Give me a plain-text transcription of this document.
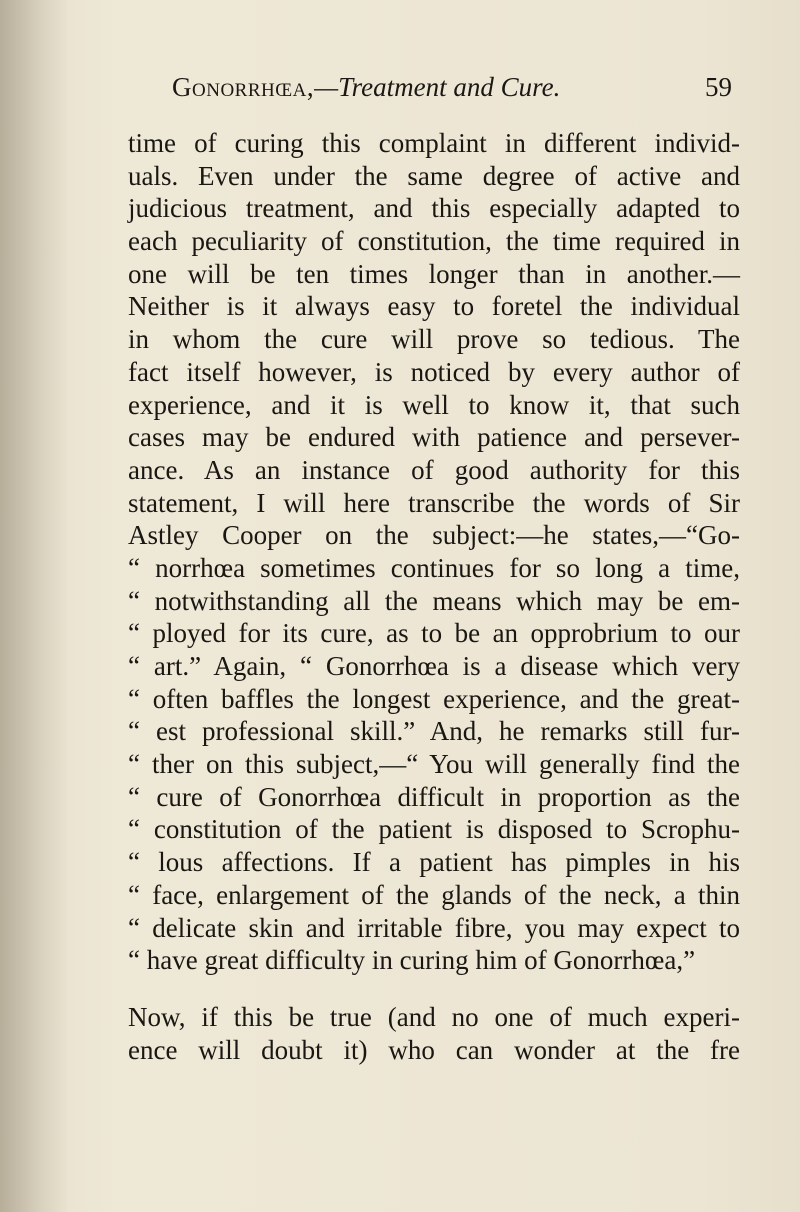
Gonorrhœa,—Treatment and Cure.	59
time of curing this complaint in different individ-
uals. Even under the same degree of active and
judicious treatment, and this especially adapted to
each peculiarity of constitution, the time required in
one will be ten times longer than in another.—
Neither is it always easy to foretel the individual
in whom the cure will prove so tedious. The
fact itself however, is noticed by every author of
experience, and it is well to know it, that such
cases may be endured with patience and persever-
ance. As an instance of good authority for this
statement, I will here transcribe the words of Sir
Astley Cooper on the subject:—he states,—“Go-
“ norrhœa sometimes continues for so long a time,
“ notwithstanding all the means which may be em-
“ ployed for its cure, as to be an opprobrium to our
“ art.” Again, “ Gonorrhœa is a disease which very
“ often baffles the longest experience, and the great-
“ est professional skill.” And, he remarks still fur-
“ ther on this subject,—“ You will generally find the
“ cure of Gonorrhœa difficult in proportion as the
“ constitution of the patient is disposed to Scrophu-
“ lous affections. If a patient has pimples in his
“ face, enlargement of the glands of the neck, a thin
“ delicate skin and irritable fibre, you may expect to
“ have great difficulty in curing him of Gonorrhœa,”
Now, if this be true (and no one of much experi-
ence will doubt it) who can wonder at the fre
